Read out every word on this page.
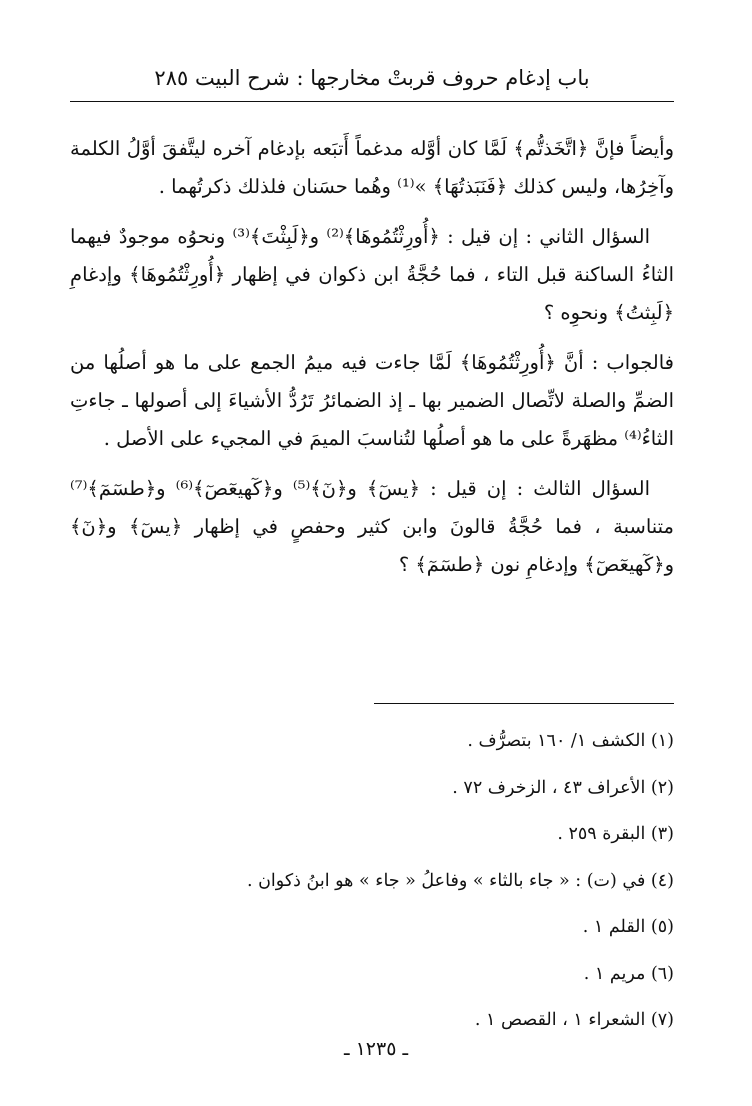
باب إدغام حروف قربتْ مخارجها : شرح البيت ٢٨٥

وأيضاً فإنَّ ﴿اتَّخَذتُّم﴾ لَمَّا كان أوَّله مدغماً أَتبَعه بإدغام آخره ليتَّفقَ أوَّلُ الكلمة وآخِرُها، وليس كذلك ﴿فَنَبَذتُهَا﴾ »⁽¹⁾ وهُما حسَنان فلذلك ذكرتُهما .

السؤال الثاني : إن قيل : ﴿أُورِثْتُمُوهَا﴾⁽²⁾ و﴿لَبِثْتَ﴾⁽³⁾ ونحوُه موجودٌ فيهما الثاءُ الساكنة قبل التاء ، فما حُجَّةُ ابن ذكوان في إظهار ﴿أُورِثْتُمُوهَا﴾ وإدغامِ ﴿لَبِثتُ﴾ ونحوِه ؟

فالجواب : أنَّ ﴿أُورِثْتُمُوهَا﴾ لَمَّا جاءت فيه ميمُ الجمع على ما هو أصلُها من الضمِّ والصلة لاتِّصال الضمير بها ـ إذ الضمائرُ تَرُدُّ الأشياءَ إلى أصولها ـ جاءتِ الثاءُ⁽⁴⁾ مظهَرةً على ما هو أصلُها لتُناسبَ الميمَ في المجيء على الأصل .

السؤال الثالث : إن قيل : ﴿يسٓ﴾ و﴿نٓ﴾⁽⁵⁾ و﴿كٓهيعٓصٓ﴾⁽⁶⁾ و﴿طسٓمٓ﴾⁽⁷⁾ متناسبة ، فما حُجَّةُ قالونَ وابن كثير وحفصٍ في إظهار ﴿يسٓ﴾ و﴿نٓ﴾ و﴿كٓهيعٓصٓ﴾ وإدغامِ نون ﴿طسٓمٓ﴾ ؟

(١) الكشف ١/ ١٦٠ بتصرُّف .
(٢) الأعراف ٤٣ ، الزخرف ٧٢ .
(٣) البقرة ٢٥٩ .
(٤) في (ت) : « جاء بالثاء » وفاعلُ « جاء » هو ابنُ ذكوان .
(٥) القلم ١ .
(٦) مريم ١ .
(٧) الشعراء ١ ، القصص ١ .
ـ ١٢٣٥ ـ
